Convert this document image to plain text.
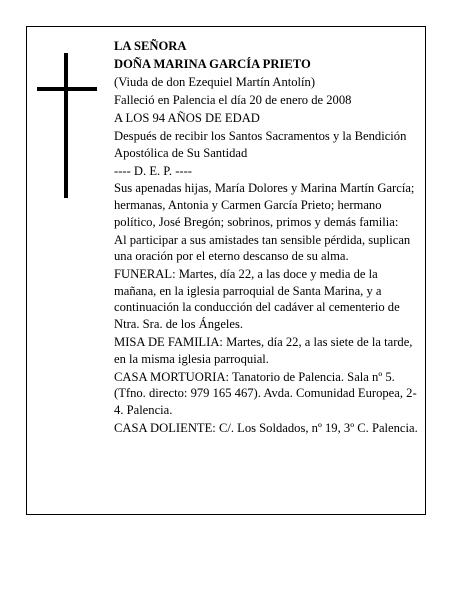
LA SEÑORA

DOÑA MARINA GARCÍA PRIETO

(Viuda de don Ezequiel Martín Antolín)

Falleció en Palencia el día 20 de enero de 2008

A LOS 94 AÑOS DE EDAD

Después de recibir los Santos Sacramentos y la Bendición Apostólica de Su Santidad

---- D. E. P. ----

Sus apenadas hijas, María Dolores y Marina Martín García; hermanas, Antonia y Carmen García Prieto; hermano político, José Bregón; sobrinos, primos y demás familia:

Al participar a sus amistades tan sensible pérdida, suplican una oración por el eterno descanso de su alma.

FUNERAL: Martes, día 22, a las doce y media de la mañana, en la iglesia parroquial de Santa Marina, y a continuación la conducción del cadáver al cementerio de Ntra. Sra. de los Ángeles.

MISA DE FAMILIA: Martes, día 22, a las siete de la tarde, en la misma iglesia parroquial.

CASA MORTUORIA: Tanatorio de Palencia. Sala nº 5. (Tfno. directo: 979 165 467). Avda. Comunidad Europea, 2-4. Palencia.

CASA DOLIENTE: C/. Los Soldados, nº 19, 3º C. Palencia.
